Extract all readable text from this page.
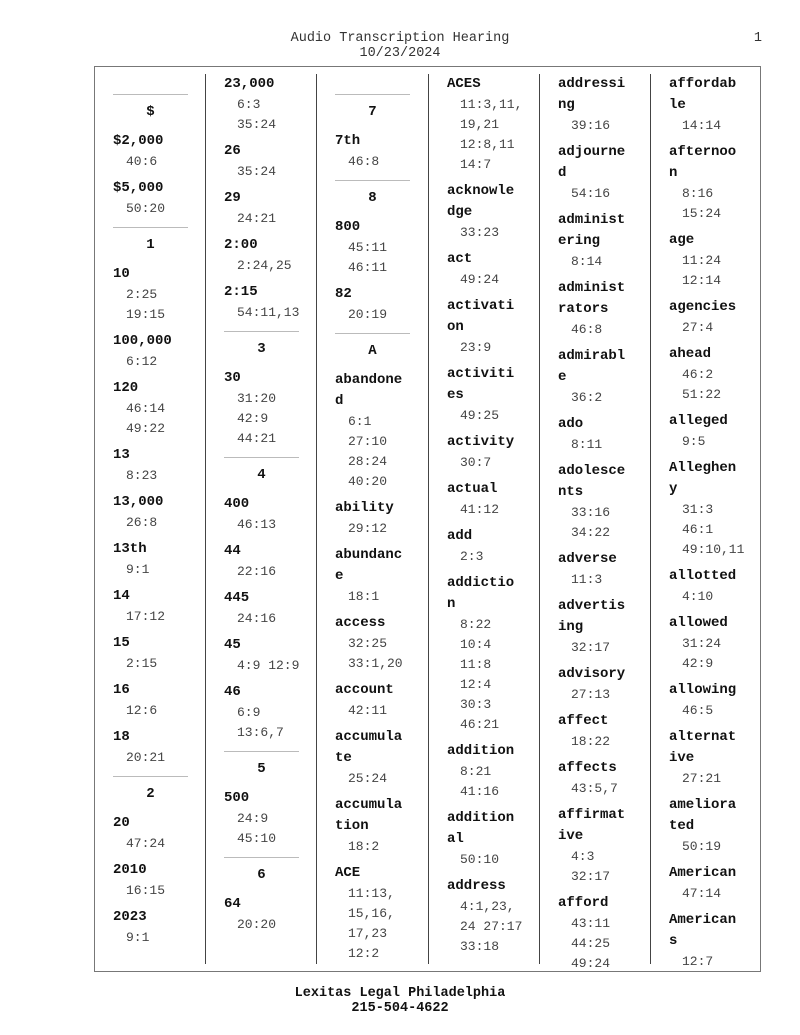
Audio Transcription Hearing
10/23/2024
1
$
$2,000
40:6
$5,000
50:20
1
10
2:25
19:15
100,000
6:12
120
46:14
49:22
13
8:23
13,000
26:8
13th
9:1
14
17:12
15
2:15
16
12:6
18
20:21
2
20
47:24
2010
16:15
2023
9:1
23,000
6:3
35:24
26
35:24
29
24:21
2:00
2:24,25
2:15
54:11,13
3
30
31:20
42:9
44:21
4
400
46:13
44
22:16
445
24:16
45
4:9 12:9
46
6:9
13:6,7
5
500
24:9
45:10
6
64
20:20
7
7th
46:8
8
800
45:11
46:11
82
20:19
A
abandone
d
6:1
27:10
28:24
40:20
ability
29:12
abundanc
e
18:1
access
32:25
33:1,20
account
42:11
accumula
te
25:24
accumula
tion
18:2
ACE
11:13,
15,16,
17,23
12:2
ACES
11:3,11,
19,21
12:8,11
14:7
acknowle
dge
33:23
act
49:24
activati
on
23:9
activiti
es
49:25
activity
30:7
actual
41:12
add
2:3
addictio
n
8:22
10:4
11:8
12:4
30:3
46:21
addition
8:21
41:16
addition
al
50:10
address
4:1,23,
24 27:17
33:18
addressi
ng
39:16
adjourne
d
54:16
administ
ering
8:14
administ
rators
46:8
admirabl
e
36:2
ado
8:11
adolesce
nts
33:16
34:22
adverse
11:3
advertis
ing
32:17
advisory
27:13
affect
18:22
affects
43:5,7
affirmat
ive
4:3
32:17
afford
43:11
44:25
49:24
affordab
le
14:14
afternoo
n
8:16
15:24
age
11:24
12:14
agencies
27:4
ahead
46:2
51:22
alleged
9:5
Alleghen
y
31:3
46:1
49:10,11
allotted
4:10
allowed
31:24
42:9
allowing
46:5
alternat
ive
27:21
ameliora
ted
50:19
American
47:14
American
s
12:7
Lexitas Legal Philadelphia
215-504-4622
